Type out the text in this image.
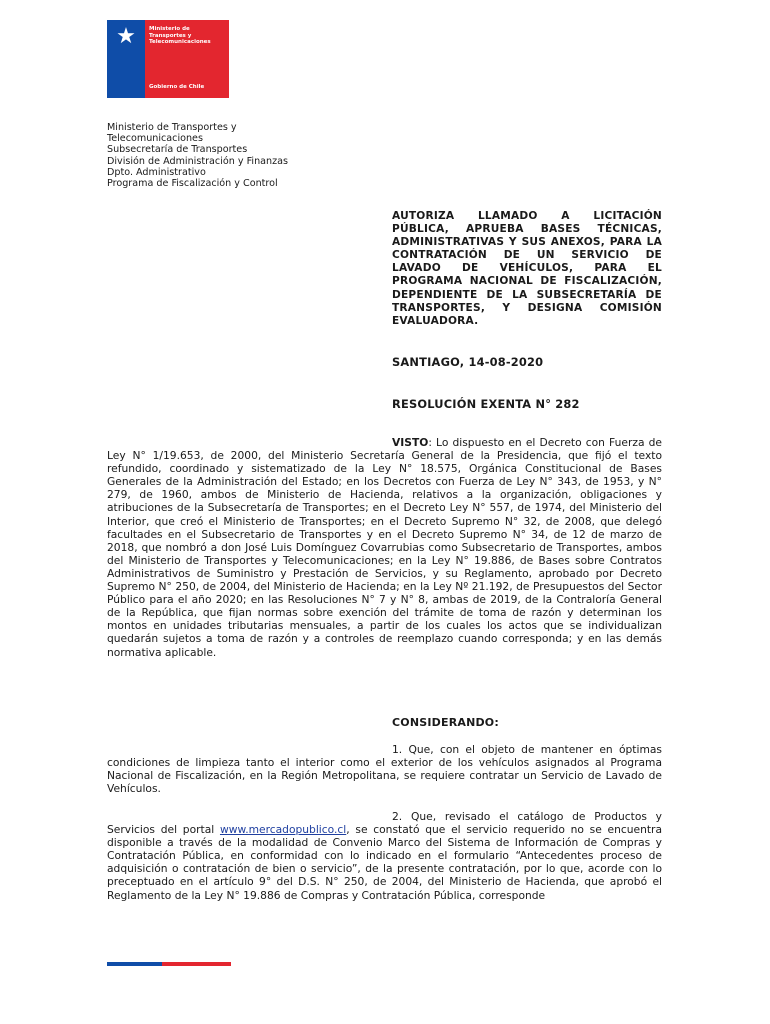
★	Ministerio de Transportes y Telecomunicaciones
Gobierno de Chile
Ministerio de Transportes y
Telecomunicaciones
Subsecretaría de Transportes
División de Administración y Finanzas
Dpto. Administrativo
Programa de Fiscalización y Control
AUTORIZA LLAMADO A LICITACIÓN PÚBLICA, APRUEBA BASES TÉCNICAS, ADMINISTRATIVAS Y SUS ANEXOS, PARA LA CONTRATACIÓN DE UN SERVICIO DE LAVADO DE VEHÍCULOS, PARA EL PROGRAMA NACIONAL DE FISCALIZACIÓN, DEPENDIENTE DE LA SUBSECRETARÍA DE TRANSPORTES, Y DESIGNA COMISIÓN EVALUADORA.
SANTIAGO, 14-08-2020
RESOLUCIÓN EXENTA N° 282
VISTO: Lo dispuesto en el Decreto con Fuerza de Ley N° 1/19.653, de 2000, del Ministerio Secretaría General de la Presidencia, que fijó el texto refundido, coordinado y sistematizado de la Ley N° 18.575, Orgánica Constitucional de Bases Generales de la Administración del Estado; en los Decretos con Fuerza de Ley N° 343, de 1953, y N° 279, de 1960, ambos de Ministerio de Hacienda, relativos a la organización, obligaciones y atribuciones de la Subsecretaría de Transportes; en el Decreto Ley N° 557, de 1974, del Ministerio del Interior, que creó el Ministerio de Transportes; en el Decreto Supremo N° 32, de 2008, que delegó facultades en el Subsecretario de Transportes y en el Decreto Supremo N° 34, de 12 de marzo de 2018, que nombró a don José Luis Domínguez Covarrubias como Subsecretario de Transportes, ambos del Ministerio de Transportes y Telecomunicaciones; en la Ley N° 19.886, de Bases sobre Contratos Administrativos de Suministro y Prestación de Servicios, y su Reglamento, aprobado por Decreto Supremo N° 250, de 2004, del Ministerio de Hacienda; en la Ley Nº 21.192, de Presupuestos del Sector Público para el año 2020; en las Resoluciones N° 7 y N° 8, ambas de 2019, de la Contraloría General de la República, que fijan normas sobre exención del trámite de toma de razón y determinan los montos en unidades tributarias mensuales, a partir de los cuales los actos que se individualizan quedarán sujetos a toma de razón y a controles de reemplazo cuando corresponda; y en las demás normativa aplicable.
CONSIDERANDO:
1. Que, con el objeto de mantener en óptimas condiciones de limpieza tanto el interior como el exterior de los vehículos asignados al Programa Nacional de Fiscalización, en la Región Metropolitana, se requiere contratar un Servicio de Lavado de Vehículos.
2. Que, revisado el catálogo de Productos y Servicios del portal www.mercadopublico.cl, se constató que el servicio requerido no se encuentra disponible a través de la modalidad de Convenio Marco del Sistema de Información de Compras y Contratación Pública, en conformidad con lo indicado en el formulario “Antecedentes proceso de adquisición o contratación de bien o servicio”, de la presente contratación, por lo que, acorde con lo preceptuado en el artículo 9° del D.S. N° 250, de 2004, del Ministerio de Hacienda, que aprobó el Reglamento de la Ley N° 19.886 de Compras y Contratación Pública, corresponde
